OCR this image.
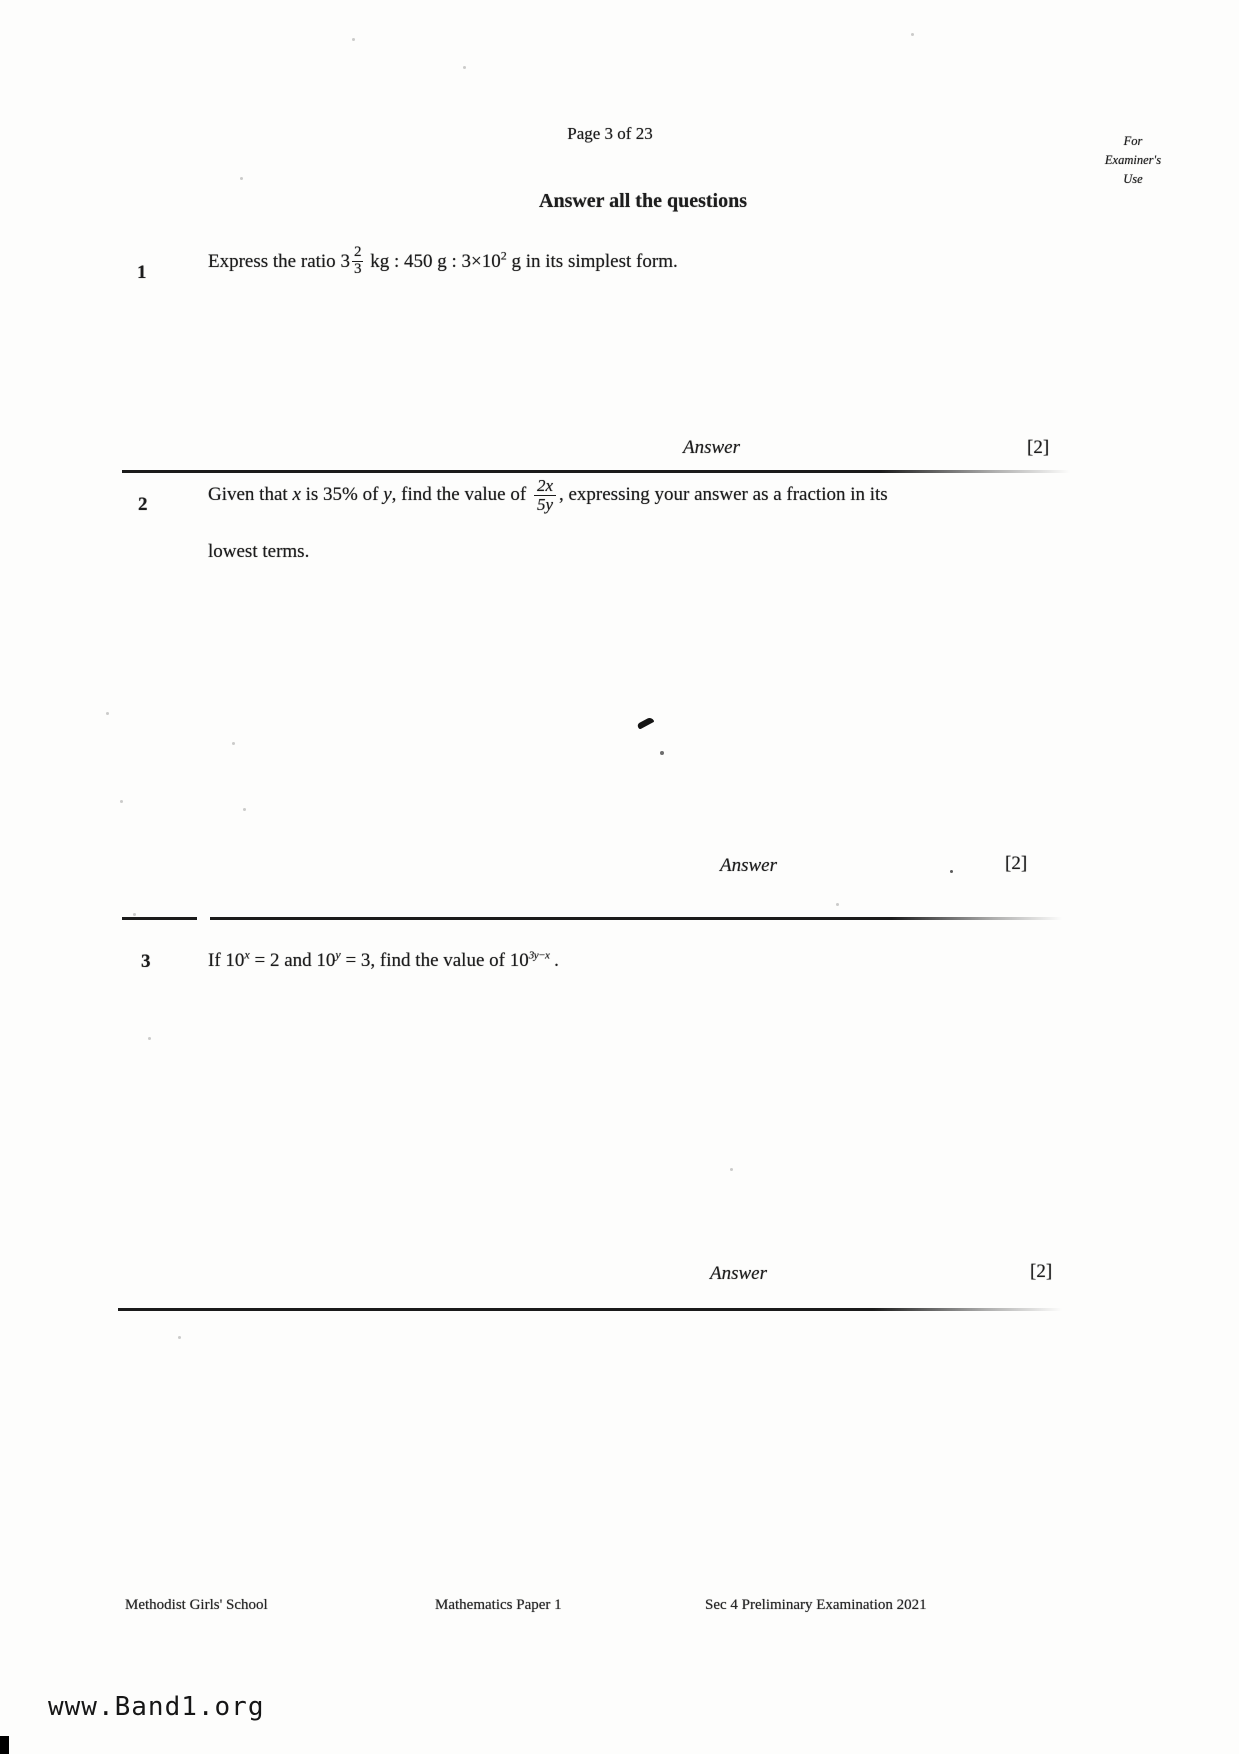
Page 3 of 23	For
Examiner's
Use
Answer all the questions
1
Express the ratio $3 \frac{2}{3}$ kg : 450 g : $3\times 10^2$ g in its simplest form.
Answer	[2]
2	Given that x is 35% of y, find the value of $\frac{2x}{5y}$ , expressing your answer as a fraction in its
lowest terms.
Answer	[2]
3	If $10^x = 2$ and $10^y = 3$, find the value of $10^{3y-x}$ .
Answer	[2]
Methodist Girls' School	Mathematics Paper 1	Sec 4 Preliminary Examination 2021
www.Band1.org
